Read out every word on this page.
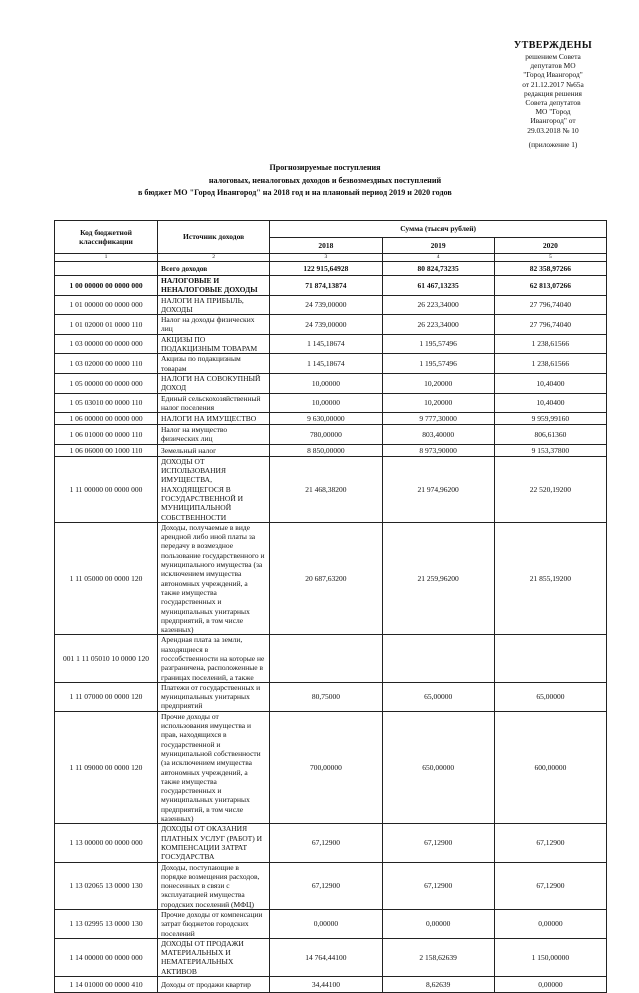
УТВЕРЖДЕНЫ
решением Совета
депутатов МО
"Город Ивангород"
от 21.12.2017 №65а
редакция решения
Совета депутатов
МО "Город
Ивангород" от
29.03.2018 № 10
(приложение 1)
Прогнозируемые поступления
налоговых, неналоговых доходов и безвозмездных поступлений
в бюджет МО "Город Ивангород" на 2018 год и на плановый период 2019 и 2020 годов
Код бюджетной классификации	Источник доходов	Сумма (тысяч рублей)		
		2018	2019	2020
1	2	3	4	5
	Всего доходов	122 915,64928	80 824,73235	82 358,97266
1 00 00000 00 0000 000	НАЛОГОВЫЕ И НЕНАЛОГОВЫЕ ДОХОДЫ	71 874,13874	61 467,13235	62 813,07266
1 01 00000 00 0000 000	НАЛОГИ НА ПРИБЫЛЬ, ДОХОДЫ	24 739,00000	26 223,34000	27 796,74040
1 01 02000 01 0000 110	Налог на доходы физических лиц	24 739,00000	26 223,34000	27 796,74040
1 03 00000 00 0000 000	АКЦИЗЫ ПО ПОДАКЦИЗНЫМ ТОВАРАМ	1 145,18674	1 195,57496	1 238,61566
1 03 02000 00 0000 110	Акцизы по подакцизным товарам	1 145,18674	1 195,57496	1 238,61566
1 05 00000 00 0000 000	НАЛОГИ НА СОВОКУПНЫЙ ДОХОД	10,00000	10,20000	10,40400
1 05 03010 00 0000 110	Единый сельскохозяйственный налог поселения	10,00000	10,20000	10,40400
1 06 00000 00 0000 000	НАЛОГИ НА ИМУЩЕСТВО	9 630,00000	9 777,30000	9 959,99160
1 06 01000 00 0000 110	Налог на имущество физических лиц	780,00000	803,40000	806,61360
1 06 06000 00 1000 110	Земельный налог	8 850,00000	8 973,90000	9 153,37800
1 11 00000 00 0000 000	ДОХОДЫ ОТ ИСПОЛЬЗОВАНИЯ ИМУЩЕСТВА, НАХОДЯЩЕГОСЯ В ГОСУДАРСТВЕННОЙ И МУНИЦИПАЛЬНОЙ СОБСТВЕННОСТИ	21 468,38200	21 974,96200	22 520,19200
1 11 05000 00 0000 120	Доходы, получаемые в виде арендной либо иной платы за передачу в возмездное пользование государственного и муниципального имущества (за исключением имущества автономных учреждений, а также имущества государственных и муниципальных унитарных предприятий, в том числе казенных)	20 687,63200	21 259,96200	21 855,19200
001 1 11 05010 10 0000 120	Арендная плата за земли, находящиеся в госсобственности на которые не разграничена, расположенные в границах поселений, а также			
1 11 07000 00 0000 120	Платежи от государственных и муниципальных унитарных предприятий	80,75000	65,00000	65,00000
1 11 09000 00 0000 120	Прочие доходы от использования имущества и прав, находящихся в государственной и муниципальной собственности (за исключением имущества автономных учреждений, а также имущества государственных и муниципальных унитарных предприятий, в том числе казенных)	700,00000	650,00000	600,00000
1 13 00000 00 0000 000	ДОХОДЫ ОТ ОКАЗАНИЯ ПЛАТНЫХ УСЛУГ (РАБОТ) И КОМПЕНСАЦИИ ЗАТРАТ ГОСУДАРСТВА	67,12900	67,12900	67,12900
1 13 02065 13 0000 130	Доходы, поступающие в порядке возмещения расходов, понесенных в связи с эксплуатацией имущества городских поселений (МФЦ)	67,12900	67,12900	67,12900
1 13 02995 13 0000 130	Прочие доходы от компенсации затрат бюджетов городских поселений	0,00000	0,00000	0,00000
1 14 00000 00 0000 000	ДОХОДЫ ОТ ПРОДАЖИ МАТЕРИАЛЬНЫХ И НЕМАТЕРИАЛЬНЫХ АКТИВОВ	14 764,44100	2 158,62639	1 150,00000
1 14 01000 00 0000 410	Доходы от продажи квартир	34,44100	8,62639	0,00000
